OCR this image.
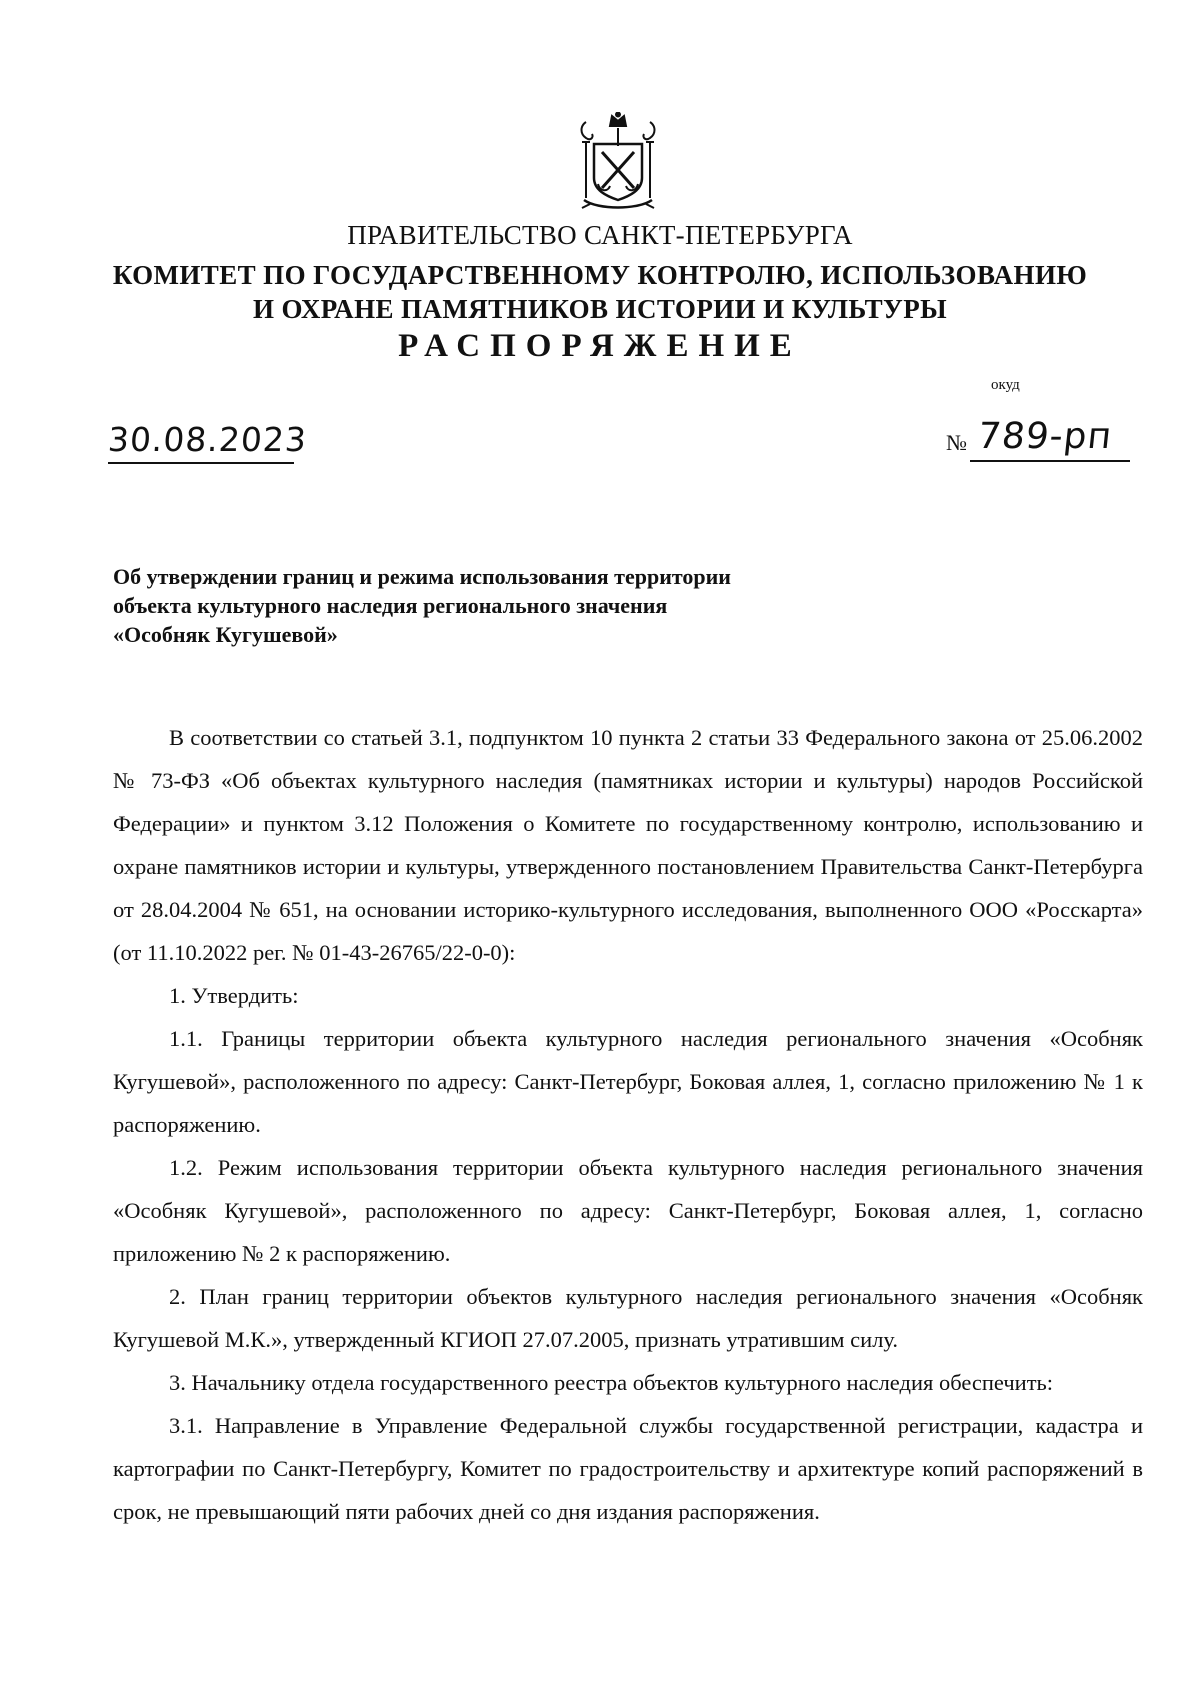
ПРАВИТЕЛЬСТВО САНКТ-ПЕТЕРБУРГА
КОМИТЕТ ПО ГОСУДАРСТВЕННОМУ КОНТРОЛЮ, ИСПОЛЬЗОВАНИЮ
И ОХРАНЕ ПАМЯТНИКОВ ИСТОРИИ И КУЛЬТУРЫ
РАСПОРЯЖЕНИЕ
окуд
30.08.2023	№ 789-рп
Об утверждении границ и режима использования территории
объекта культурного наследия регионального значения
«Особняк Кугушевой»

В соответствии со статьей 3.1, подпунктом 10 пункта 2 статьи 33 Федерального закона от 25.06.2002 № 73-ФЗ «Об объектах культурного наследия (памятниках истории и культуры) народов Российской Федерации» и пунктом 3.12 Положения о Комитете по государственному контролю, использованию и охране памятников истории и культуры, утвержденного постановлением Правительства Санкт-Петербурга от 28.04.2004 № 651, на основании историко-культурного исследования, выполненного ООО «Росскарта» (от 11.10.2022 рег. № 01-43-26765/22-0-0):

1. Утвердить:

1.1. Границы территории объекта культурного наследия регионального значения «Особняк Кугушевой», расположенного по адресу: Санкт-Петербург, Боковая аллея, 1, согласно приложению № 1 к распоряжению.

1.2. Режим использования территории объекта культурного наследия регионального значения «Особняк Кугушевой», расположенного по адресу: Санкт-Петербург, Боковая аллея, 1, согласно приложению № 2 к распоряжению.

2. План границ территории объектов культурного наследия регионального значения «Особняк Кугушевой М.К.», утвержденный КГИОП 27.07.2005, признать утратившим силу.

3. Начальнику отдела государственного реестра объектов культурного наследия обеспечить:

3.1. Направление в Управление Федеральной службы государственной регистрации, кадастра и картографии по Санкт-Петербургу, Комитет по градостроительству и архитектуре копий распоряжений в срок, не превышающий пяти рабочих дней со дня издания распоряжения.
